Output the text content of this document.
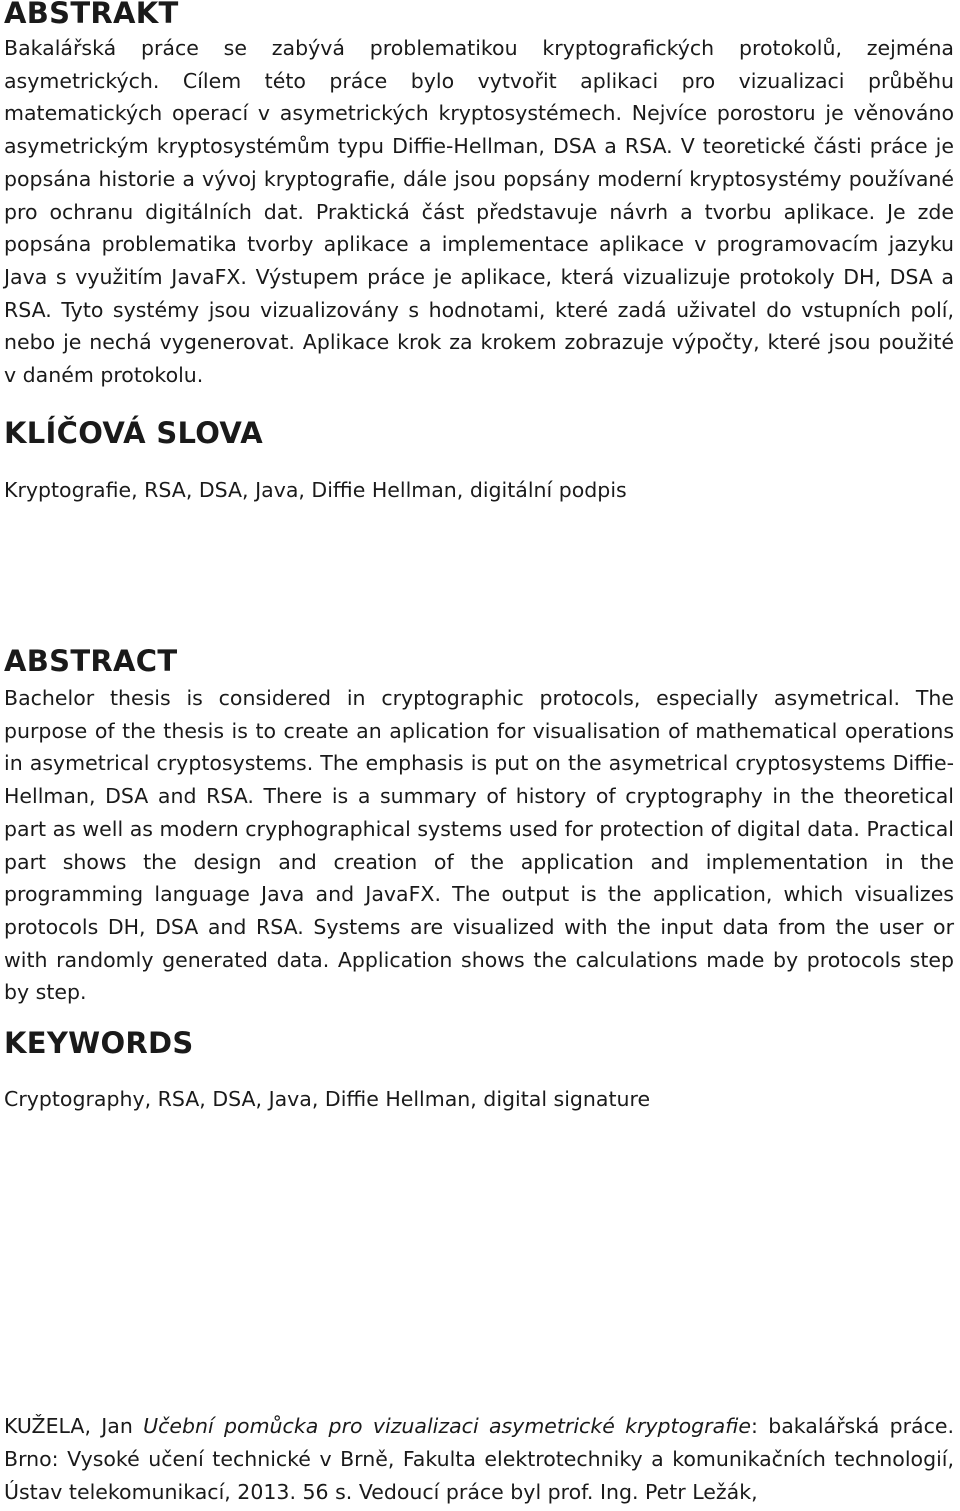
ABSTRAKT

Bakalářská práce se zabývá problematikou kryptografických protokolů, zejména asymetrických. Cílem této práce bylo vytvořit aplikaci pro vizualizaci průběhu matematických operací v asymetrických kryptosystémech. Nejvíce porostoru je věnováno asymetrickým kryptosystémům typu Diffie-Hellman, DSA a RSA. V teoretické části práce je popsána historie a vývoj kryptografie, dále jsou popsány moderní kryptosystémy používané pro ochranu digitálních dat. Praktická část představuje návrh a tvorbu aplikace. Je zde popsána problematika tvorby aplikace a implementace aplikace v programovacím jazyku Java s využitím JavaFX. Výstupem práce je aplikace, která vizualizuje protokoly DH, DSA a RSA. Tyto systémy jsou vizualizovány s hodnotami, které zadá uživatel do vstupních polí, nebo je nechá vygenerovat. Aplikace krok za krokem zobrazuje výpočty, které jsou použité v daném protokolu.

KLÍČOVÁ SLOVA

Kryptografie, RSA, DSA, Java, Diffie Hellman, digitální podpis

ABSTRACT

Bachelor thesis is considered in cryptographic protocols, especially asymetrical. The purpose of the thesis is to create an aplication for visualisation of mathematical operations in asymetrical cryptosystems. The emphasis is put on the asymetrical cryptosystems Diffie-Hellman, DSA and RSA. There is a summary of history of cryptography in the theoretical part as well as modern cryphographical systems used for protection of digital data. Practical part shows the design and creation of the application and implementation in the programming language Java and JavaFX. The output is the application, which visualizes protocols DH, DSA and RSA. Systems are visualized with the input data from the user or with randomly generated data. Application shows the calculations made by protocols step by step.

KEYWORDS

Cryptography, RSA, DSA, Java, Diffie Hellman, digital signature

KUŽELA, Jan Učební pomůcka pro vizualizaci asymetrické kryptografie: bakalářská práce. Brno: Vysoké učení technické v Brně, Fakulta elektrotechniky a komunikačních technologií, Ústav telekomunikací, 2013. 56 s. Vedoucí práce byl prof. Ing. Petr Ležák,
